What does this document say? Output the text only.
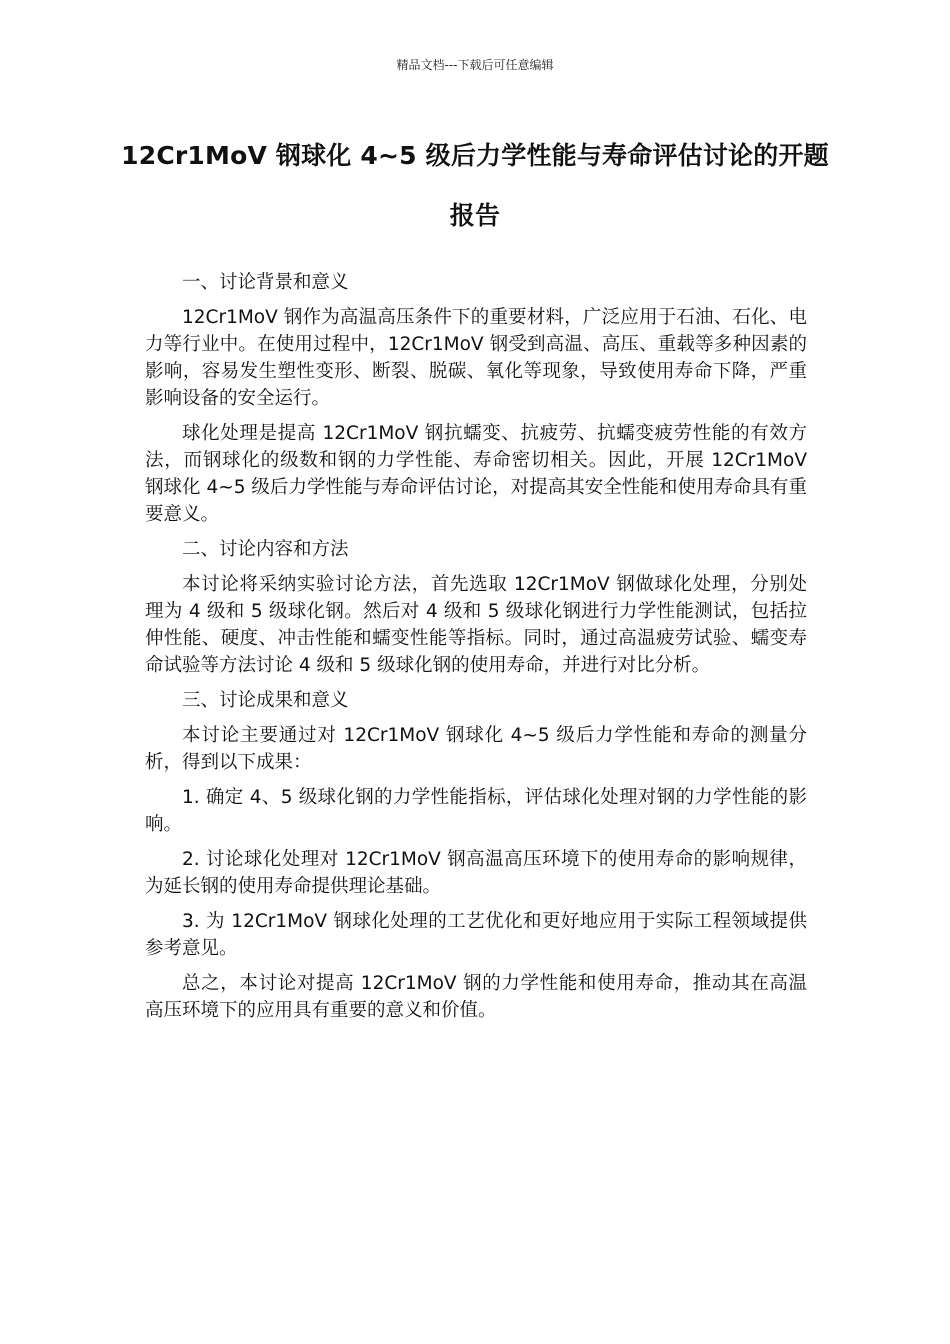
精品文档---下载后可任意编辑
12Cr1MoV 钢球化 4~5 级后力学性能与寿命评估讨论的开题报告

一、讨论背景和意义

12Cr1MoV 钢作为高温高压条件下的重要材料，广泛应用于石油、石化、电力等行业中。在使用过程中，12Cr1MoV 钢受到高温、高压、重载等多种因素的影响，容易发生塑性变形、断裂、脱碳、氧化等现象，导致使用寿命下降，严重影响设备的安全运行。

球化处理是提高 12Cr1MoV 钢抗蠕变、抗疲劳、抗蠕变疲劳性能的有效方法，而钢球化的级数和钢的力学性能、寿命密切相关。因此，开展 12Cr1MoV 钢球化 4~5 级后力学性能与寿命评估讨论，对提高其安全性能和使用寿命具有重要意义。

二、讨论内容和方法

本讨论将采纳实验讨论方法，首先选取 12Cr1MoV 钢做球化处理，分别处理为 4 级和 5 级球化钢。然后对 4 级和 5 级球化钢进行力学性能测试，包括拉伸性能、硬度、冲击性能和蠕变性能等指标。同时，通过高温疲劳试验、蠕变寿命试验等方法讨论 4 级和 5 级球化钢的使用寿命，并进行对比分析。

三、讨论成果和意义

本讨论主要通过对 12Cr1MoV 钢球化 4~5 级后力学性能和寿命的测量分析，得到以下成果：

1. 确定 4、5 级球化钢的力学性能指标，评估球化处理对钢的力学性能的影响。

2. 讨论球化处理对 12Cr1MoV 钢高温高压环境下的使用寿命的影响规律，为延长钢的使用寿命提供理论基础。

3. 为 12Cr1MoV 钢球化处理的工艺优化和更好地应用于实际工程领域提供参考意见。

总之，本讨论对提高 12Cr1MoV 钢的力学性能和使用寿命，推动其在高温高压环境下的应用具有重要的意义和价值。
